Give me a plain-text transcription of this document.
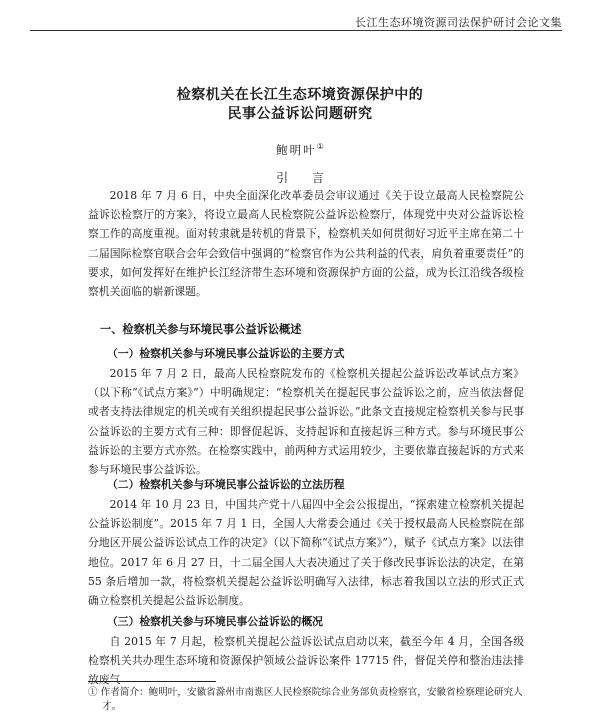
长江生态环境资源司法保护研讨会论文集
检察机关在长江生态环境资源保护中的
民事公益诉讼问题研究
鲍明叶①
引 言

2018 年 7 月 6 日，中央全面深化改革委员会审议通过《关于设立最高人民检察院公益诉讼检察厅的方案》，将设立最高人民检察院公益诉讼检察厅，体现党中央对公益诉讼检察工作的高度重视。面对转隶就是转机的背景下，检察机关如何贯彻好习近平主席在第二十二届国际检察官联合会年会致信中强调的“检察官作为公共利益的代表，肩负着重要责任”的要求，如何发挥好在维护长江经济带生态环境和资源保护方面的公益，成为长江沿线各级检察机关面临的崭新课题。

一、检察机关参与环境民事公益诉讼概述

（一）检察机关参与环境民事公益诉讼的主要方式

2015 年 7 月 2 日，最高人民检察院发布的《检察机关提起公益诉讼改革试点方案》（以下称“《试点方案》”）中明确规定：“检察机关在提起民事公益诉讼之前，应当依法督促或者支持法律规定的机关或有关组织提起民事公益诉讼。”此条文直接规定检察机关参与民事公益诉讼的主要方式有三种：即督促起诉、支持起诉和直接起诉三种方式。参与环境民事公益诉讼的主要方式亦然。在检察实践中，前两种方式运用较少，主要依靠直接起诉的方式来参与环境民事公益诉讼。

（二）检察机关参与环境民事公益诉讼的立法历程

2014 年 10 月 23 日，中国共产党十八届四中全会公报提出，“探索建立检察机关提起公益诉讼制度”。2015 年 7 月 1 日，全国人大常委会通过《关于授权最高人民检察院在部分地区开展公益诉讼试点工作的决定》（以下简称“《试点方案》”），赋予《试点方案》以法律地位。2017 年 6 月 27 日，十二届全国人大表决通过了关于修改民事诉讼法的决定，在第 55 条后增加一款，将检察机关提起公益诉讼明确写入法律，标志着我国以立法的形式正式确立检察机关提起公益诉讼制度。

（三）检察机关参与环境民事公益诉讼的概况

自 2015 年 7 月起，检察机关提起公益诉讼试点启动以来，截至今年 4 月，全国各级检察机关共办理生态环境和资源保护领域公益诉讼案件 17715 件，督促关停和整治违法排放废气

① 作者简介：鲍明叶，安徽省滁州市南谯区人民检察院综合业务部负责检察官，安徽省检察理论研究人才。
